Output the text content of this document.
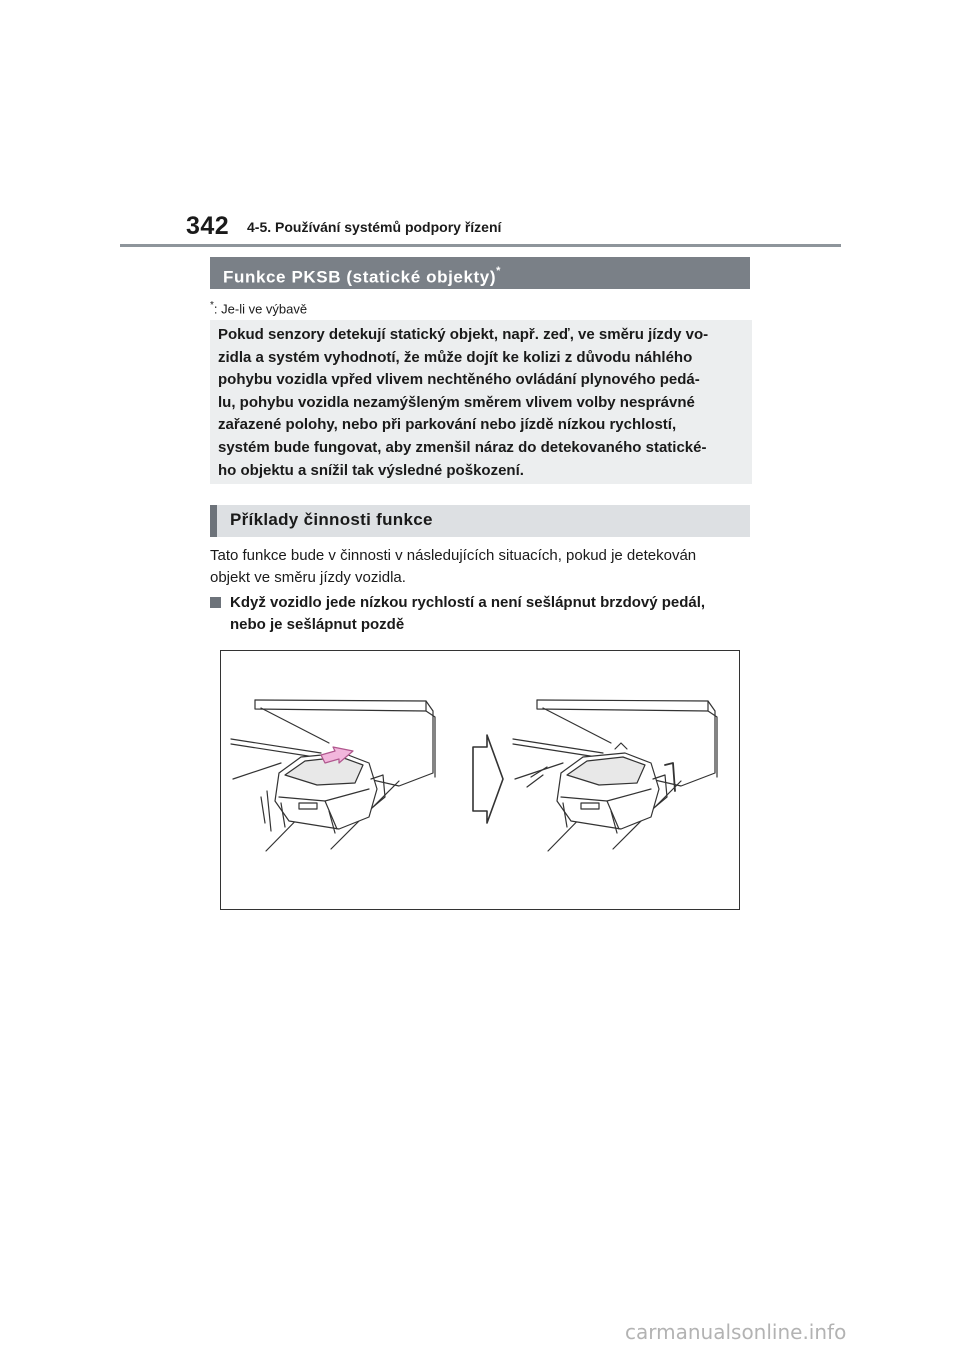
342 4-5. Používání systémů podpory řízení
Funkce PKSB (statické objekty)*
*: Je-li ve výbavě
Pokud senzory detekují statický objekt, např. zeď, ve směru jízdy vo-
zidla a systém vyhodnotí, že může dojít ke kolizi z důvodu náhlého
pohybu vozidla vpřed vlivem nechtěného ovládání plynového pedá-
lu, pohybu vozidla nezamýšleným směrem vlivem volby nesprávné
zařazené polohy, nebo při parkování nebo jízdě nízkou rychlostí,
systém bude fungovat, aby zmenšil náraz do detekovaného statické-
ho objektu a snížil tak výsledné poškození.
Příklady činnosti funkce
Tato funkce bude v činnosti v následujících situacích, pokud je detekován
objekt ve směru jízdy vozidla.
Když vozidlo jede nízkou rychlostí a není sešlápnut brzdový pedál,
nebo je sešlápnut pozdě
carmanualsonline.info
